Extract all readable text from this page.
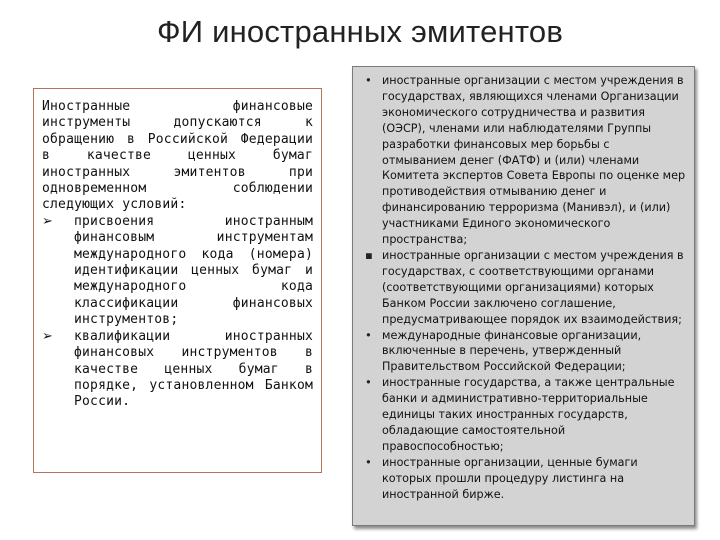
ФИ иностранных эмитентов
Иностранные финансовые инструменты допускаются к обращению в Российской Федерации в качестве ценных бумаг иностранных эмитентов при одновременном соблюдении следующих условий:
➢ присвоения иностранным финансовым инструментам международного кода (номера) идентификации ценных бумаг и международного кода классификации финансовых инструментов;
➢ квалификации иностранных финансовых инструментов в качестве ценных бумаг в порядке, установленном Банком России.
• иностранные организации с местом учреждения в государствах, являющихся членами Организации экономического сотрудничества и развития (ОЭСР), членами или наблюдателями Группы разработки финансовых мер борьбы с отмыванием денег (ФАТФ) и (или) членами Комитета экспертов Совета Европы по оценке мер противодействия отмыванию денег и финансированию терроризма (Манивэл), и (или) участниками Единого экономического пространства;
▪ иностранные организации с местом учреждения в государствах, с соответствующими органами (соответствующими организациями) которых Банком России заключено соглашение, предусматривающее порядок их взаимодействия;
• международные финансовые организации, включенные в перечень, утвержденный Правительством Российской Федерации;
• иностранные государства, а также центральные банки и административно-территориальные единицы таких иностранных государств, обладающие самостоятельной правоспособностью;
• иностранные организации, ценные бумаги которых прошли процедуру листинга на иностранной бирже.
